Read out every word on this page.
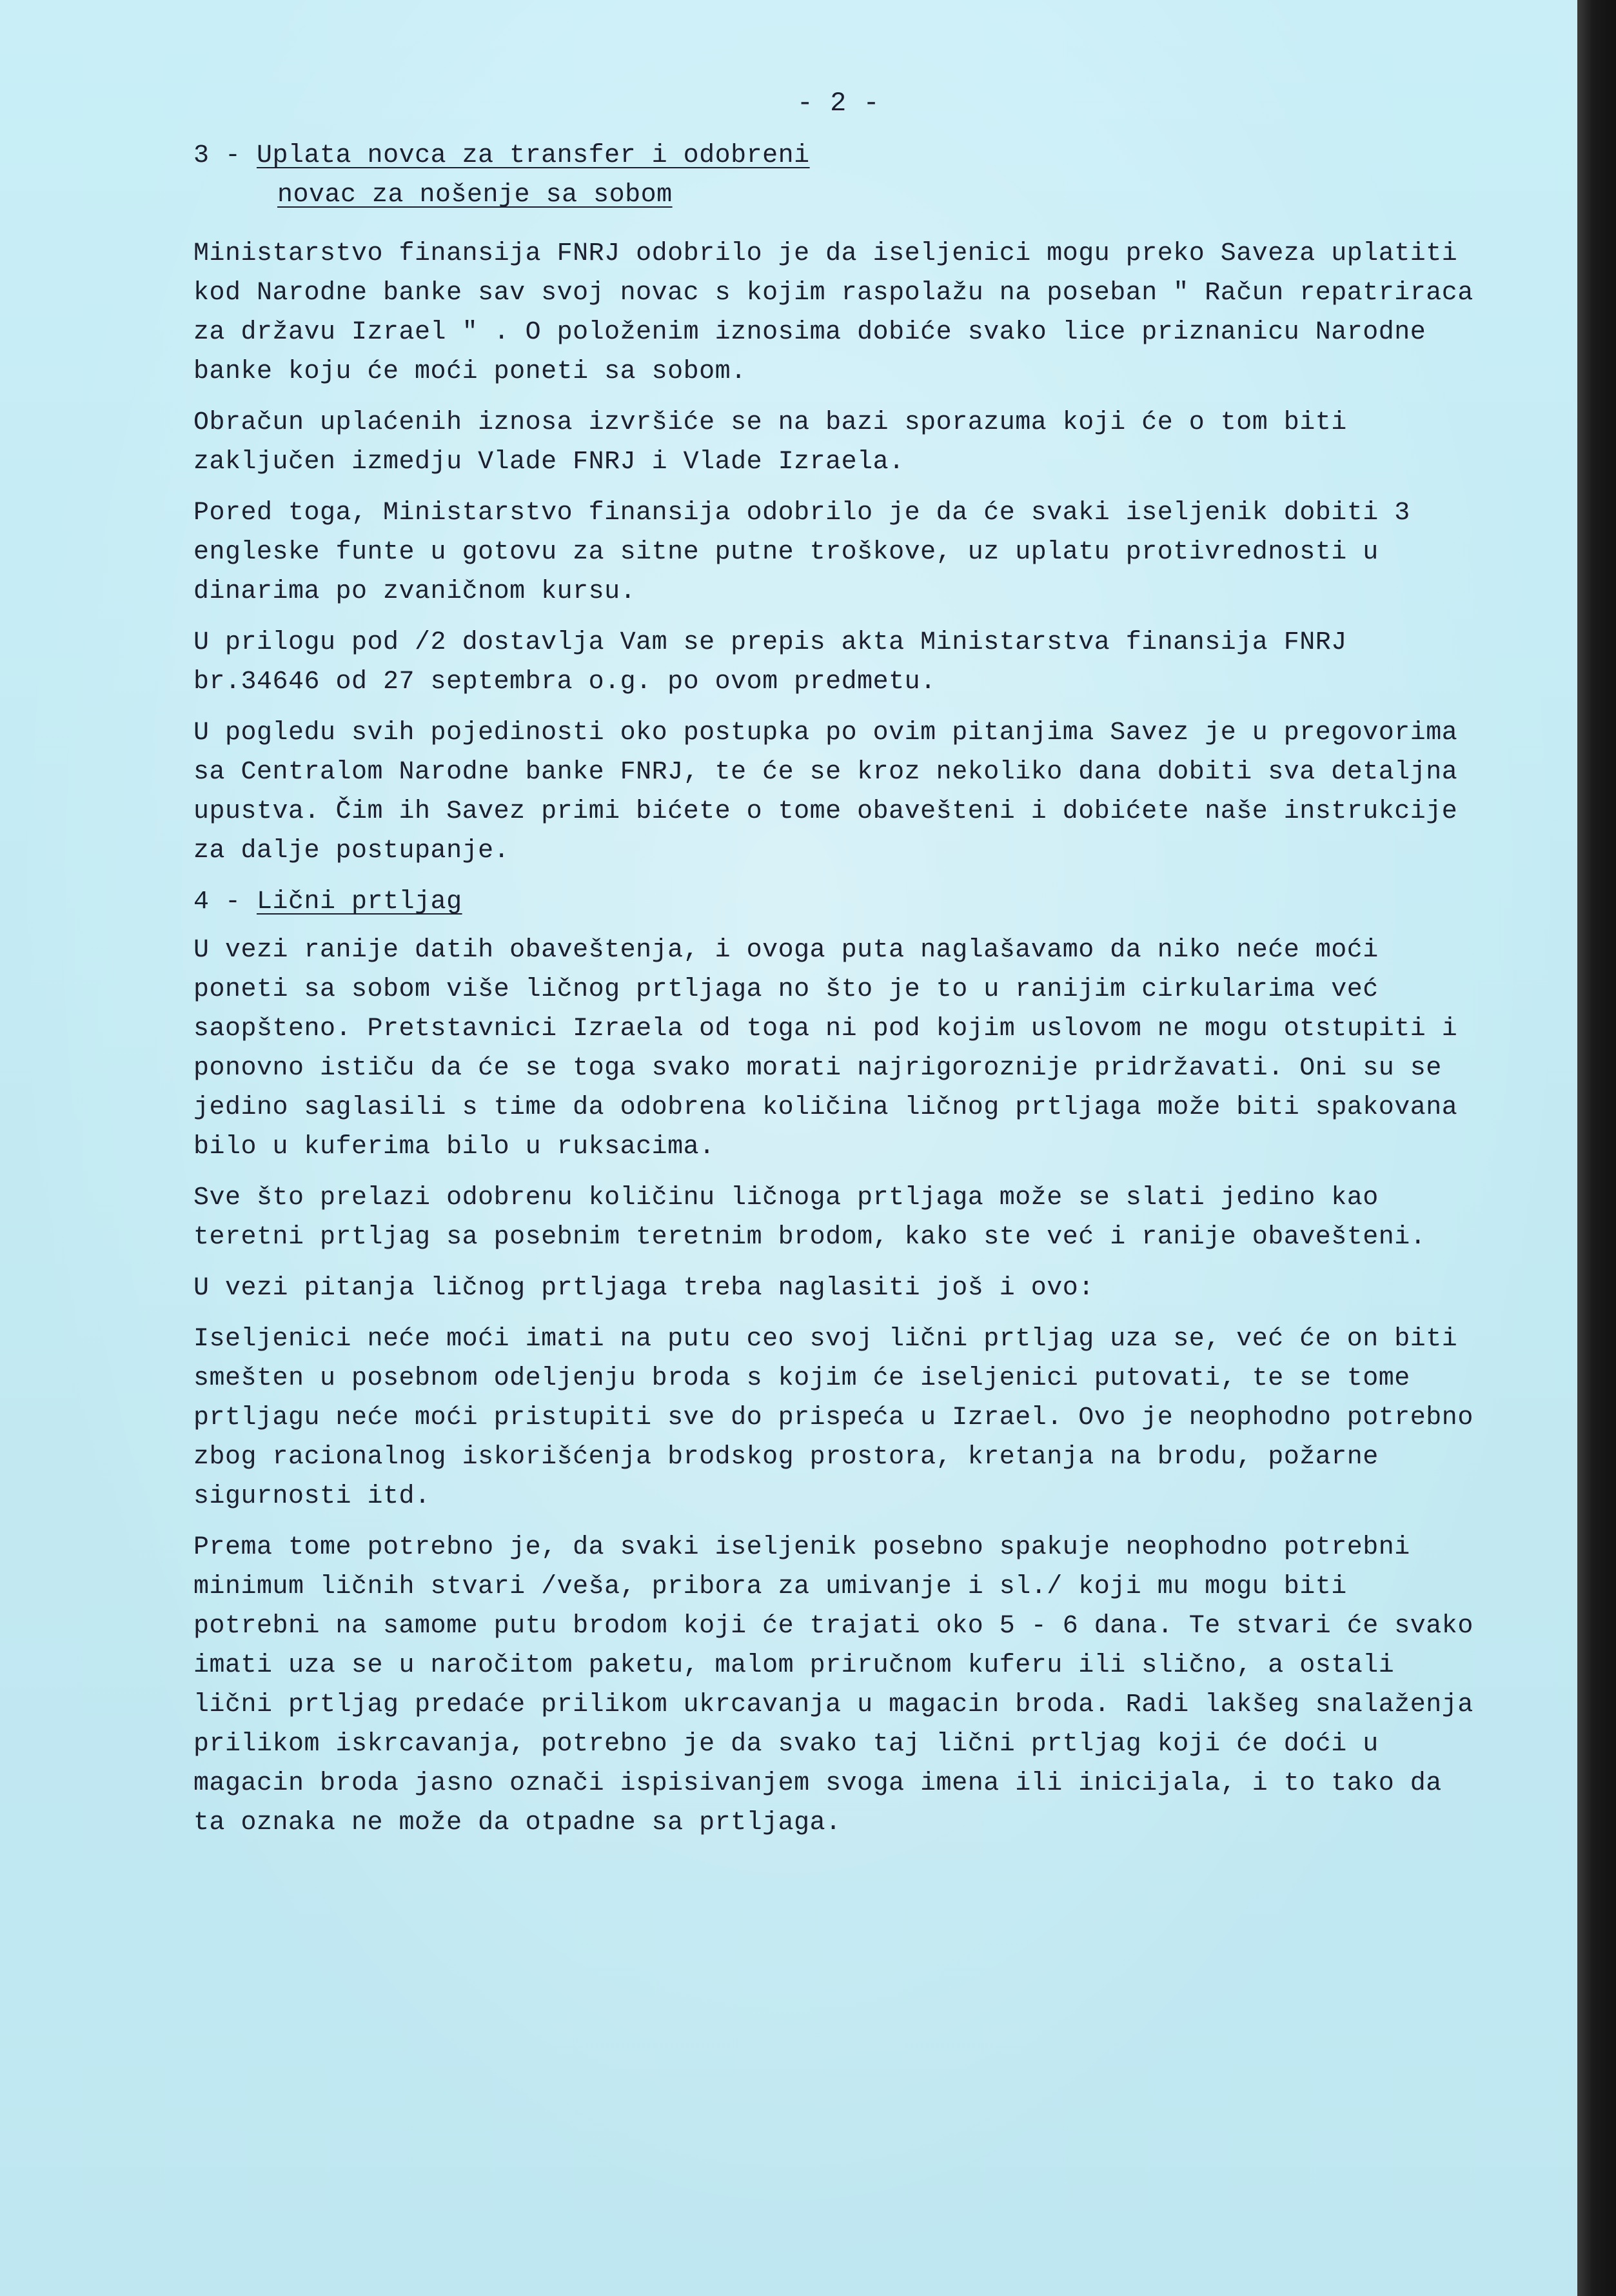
- 2 -
3 - Uplata novca za transfer i odobreni
novac za nošenje sa sobom

Ministarstvo finansija FNRJ odobrilo je da iseljenici mogu preko Saveza uplatiti kod Narodne banke sav svoj novac s kojim raspolažu na poseban " Račun repatriraca za državu Izrael " . O položenim iznosima dobiće svako lice priznanicu Narodne banke koju će moći poneti sa sobom.

Obračun uplaćenih iznosa izvršiće se na bazi sporazuma koji će o tom biti zaključen izmedju Vlade FNRJ i Vlade Izraela.

Pored toga, Ministarstvo finansija odobrilo je da će svaki iseljenik dobiti 3 engleske funte u gotovu za sitne putne troškove, uz uplatu protivrednosti u dinarima po zvaničnom kursu.

U prilogu pod /2 dostavlja Vam se prepis akta Ministarstva finansija FNRJ br.34646 od 27 septembra o.g. po ovom predmetu.

U pogledu svih pojedinosti oko postupka po ovim pitanjima Savez je u pregovorima sa Centralom Narodne banke FNRJ, te će se kroz nekoliko dana dobiti sva detaljna upustva. Čim ih Savez primi bićete o tome obavešteni i dobićete naše instrukcije za dalje postupanje.

4 - Lični prtljag

U vezi ranije datih obaveštenja, i ovoga puta naglašavamo da niko neće moći poneti sa sobom više ličnog prtljaga no što je to u ranijim cirkularima već saopšteno. Pretstavnici Izraela od toga ni pod kojim uslovom ne mogu otstupiti i ponovno ističu da će se toga svako morati najrigoroznije pridržavati. Oni su se jedino saglasili s time da odobrena količina ličnog prtljaga može biti spakovana bilo u kuferima bilo u ruksacima.

Sve što prelazi odobrenu količinu ličnoga prtljaga može se slati jedino kao teretni prtljag sa posebnim teretnim brodom, kako ste već i ranije obavešteni.

U vezi pitanja ličnog prtljaga treba naglasiti još i ovo:

Iseljenici neće moći imati na putu ceo svoj lični prtljag uza se, već će on biti smešten u posebnom odeljenju broda s kojim će iseljenici putovati, te se tome prtljagu neće moći pristupiti sve do prispeća u Izrael. Ovo je neophodno potrebno zbog racionalnog iskorišćenja brodskog prostora, kretanja na brodu, požarne sigurnosti itd.

Prema tome potrebno je, da svaki iseljenik posebno spakuje neophodno potrebni minimum ličnih stvari /veša, pribora za umivanje i sl./ koji mu mogu biti potrebni na samome putu brodom koji će trajati oko 5 - 6 dana. Te stvari će svako imati uza se u naročitom paketu, malom priručnom kuferu ili slično, a ostali lični prtljag predaće prilikom ukrcavanja u magacin broda. Radi lakšeg snalaženja prilikom iskrcavanja, potrebno je da svako taj lični prtljag koji će doći u magacin broda jasno označi ispisivanjem svoga imena ili inicijala, i to tako da ta oznaka ne može da otpadne sa prtljaga.
